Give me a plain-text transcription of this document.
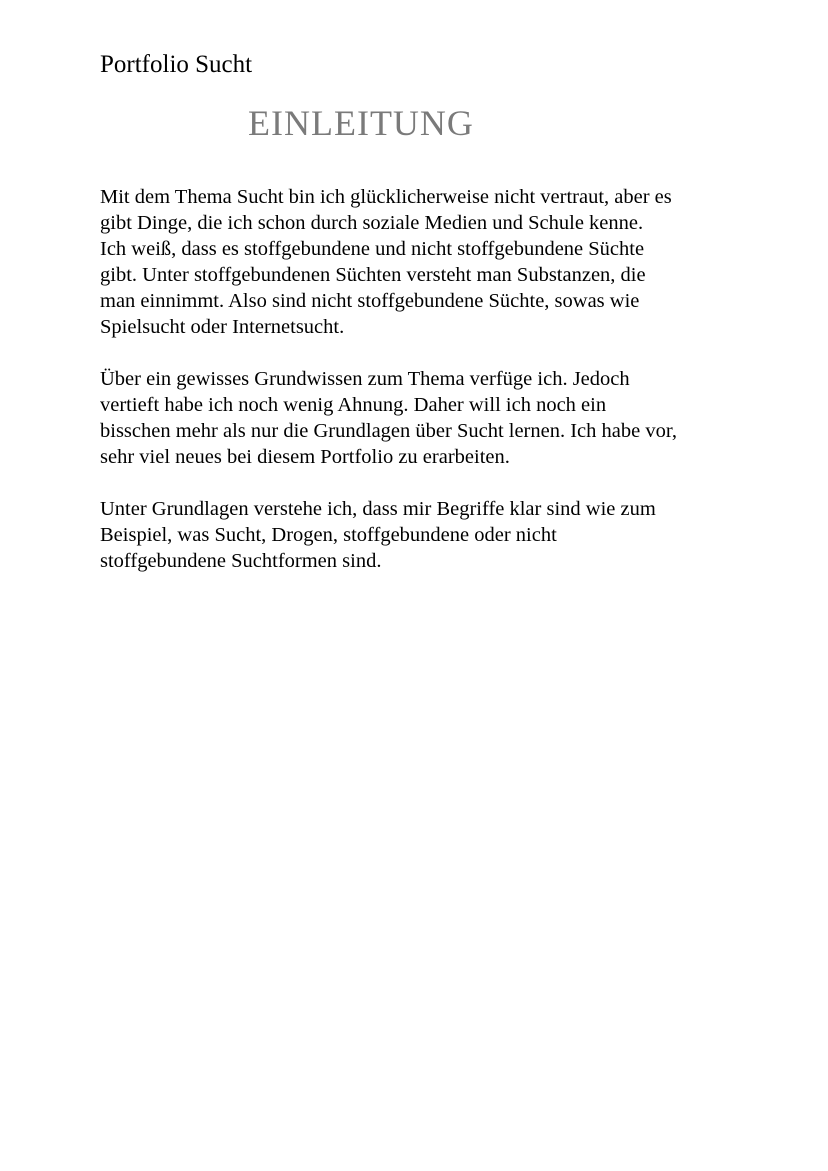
Portfolio Sucht
EINLEITUNG

Mit dem Thema Sucht bin ich glücklicherweise nicht vertraut, aber es
gibt Dinge, die ich schon durch soziale Medien und Schule kenne.
Ich weiß, dass es stoffgebundene und nicht stoffgebundene Süchte
gibt. Unter stoffgebundenen Süchten versteht man Substanzen, die
man einnimmt. Also sind nicht stoffgebundene Süchte, sowas wie
Spielsucht oder Internetsucht.

Über ein gewisses Grundwissen zum Thema verfüge ich. Jedoch
vertieft habe ich noch wenig Ahnung. Daher will ich noch ein
bisschen mehr als nur die Grundlagen über Sucht lernen. Ich habe vor,
sehr viel neues bei diesem Portfolio zu erarbeiten.

Unter Grundlagen verstehe ich, dass mir Begriffe klar sind wie zum
Beispiel, was Sucht, Drogen, stoffgebundene oder nicht
stoffgebundene Suchtformen sind.
